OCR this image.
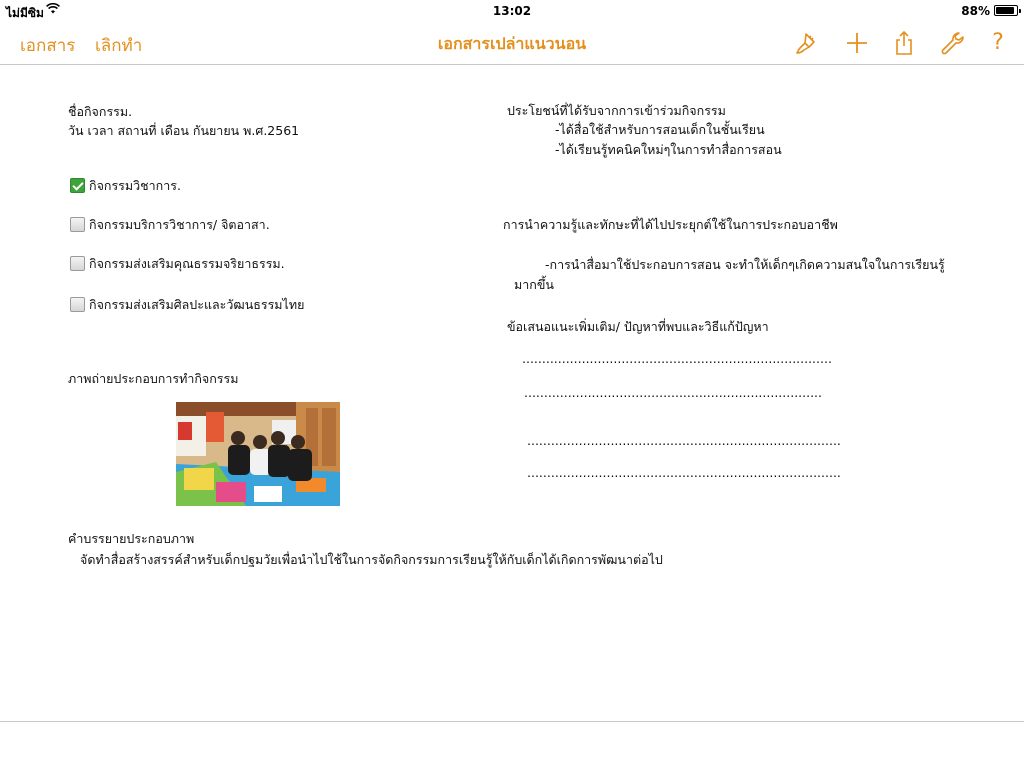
ไม่มีซิม	13:02	88%
เอกสาร เลิกทำ	เอกสารเปล่าแนวนอน	?
ชื่อกิจกรรม.
วัน เวลา สถานที่ เดือน กันยายน พ.ศ.2561
กิจกรรมวิชาการ.
กิจกรรมบริการวิชาการ/ จิตอาสา.
กิจกรรมส่งเสริมคุณธรรมจริยาธรรม.
กิจกรรมส่งเสริมศิลปะและวัฒนธรรมไทย
ภาพถ่ายประกอบการทำกิจกรรม
คำบรรยายประกอบภาพ
จัดทำสื่อสร้างสรรค์สำหรับเด็กปฐมวัยเพื่อนำไปใช้ในการจัดกิจกรรมการเรียนรู้ให้กับเด็กได้เกิดการพัฒนาต่อไป
ประโยชน์ที่ได้รับจากการเข้าร่วมกิจกรรม
-ได้สื่อใช้สำหรับการสอนเด็กในชั้นเรียน
-ได้เรียนรู้ทคนิคใหม่ๆในการทำสื่อการสอน
การนำความรู้และทักษะที่ได้ไปประยุกต์ใช้ในการประกอบอาชีพ
-การนำสื่อมาใช้ประกอบการสอน จะทำให้เด็กๆเกิดความสนใจในการเรียนรู้
มากขึ้น
ข้อเสนอแนะเพิ่มเติม/ ปัญหาที่พบและวิธีแก้ปัญหา
..............................................................................
...........................................................................
...............................................................................
...............................................................................
